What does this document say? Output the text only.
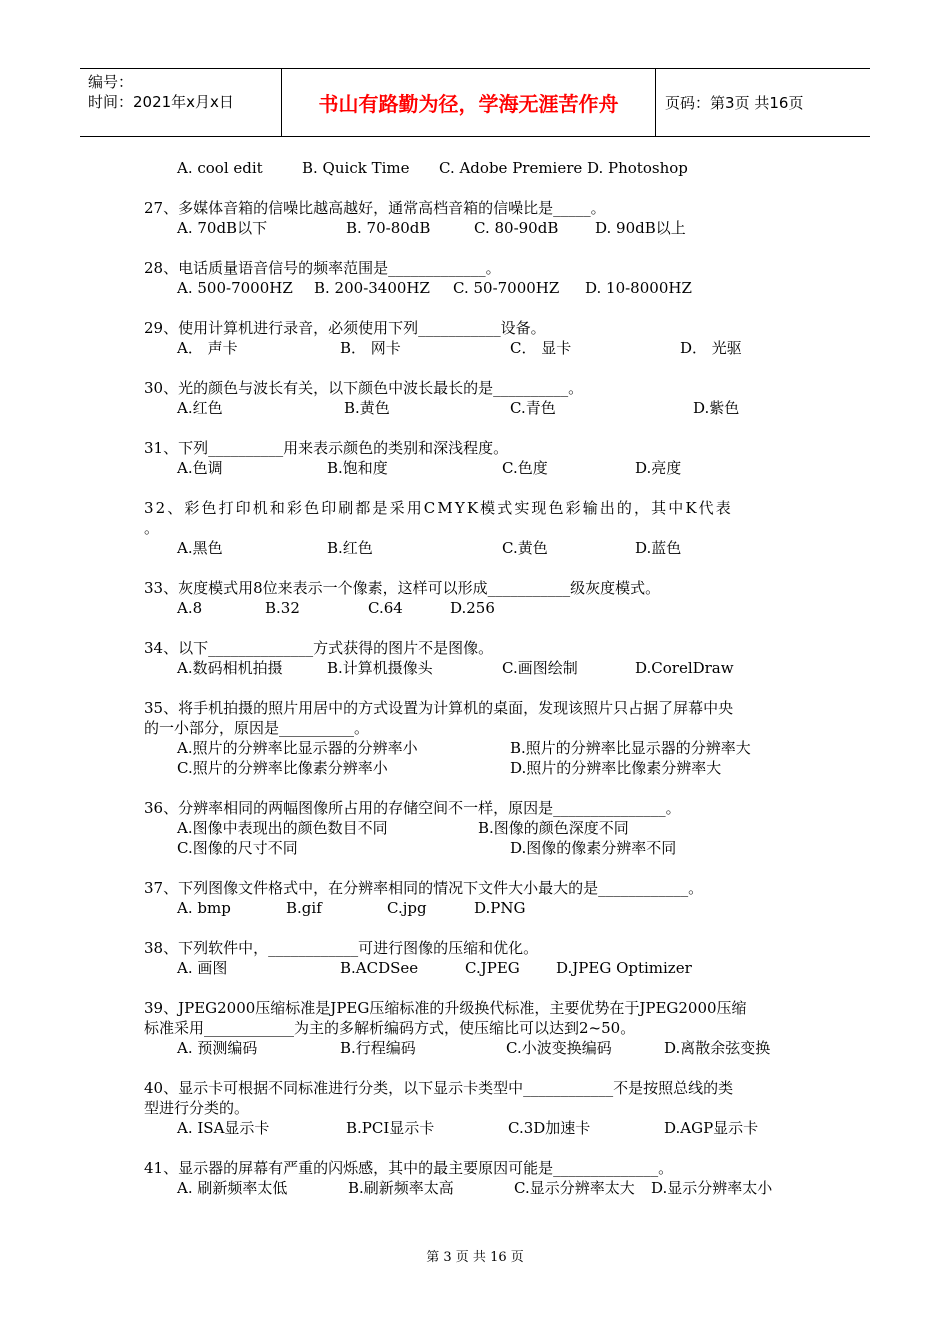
编号：
时间：2021年x月x日	书山有路勤为径，学海无涯苦作舟	页码：第3页 共16页
A. cool edit	B. Quick Time C. Adobe Premiere D. Photoshop
27、多媒体音箱的信噪比越高越好，通常高档音箱的信噪比是_____。
A. 70dB以下	B. 70-80dB	C. 80-90dB D. 90dB以上
28、电话质量语音信号的频率范围是_____________。
A. 500-7000HZ B. 200-3400HZ C. 50-7000HZ D. 10-8000HZ
29、使用计算机进行录音，必须使用下列___________设备。
A． 声卡	B． 网卡	C． 显卡	D． 光驱
30、光的颜色与波长有关，以下颜色中波长最长的是__________。
A.红色	B.黄色	C.青色	D.紫色
31、下列__________用来表示颜色的类别和深浅程度。
A.色调	B.饱和度	C.色度	D.亮度
32、彩色打印机和彩色印刷都是采用CMYK模式实现色彩输出的，其中K代表
。
A.黑色	B.红色	C.黄色	D.蓝色
33、灰度模式用8位来表示一个像素，这样可以形成___________级灰度模式。
A.8	B.32	C.64	D.256
34、以下______________方式获得的图片不是图像。
A.数码相机拍摄	B.计算机摄像头	C.画图绘制	D.CorelDraw
35、将手机拍摄的照片用居中的方式设置为计算机的桌面，发现该照片只占据了屏幕中央
的一小部分，原因是__________。
A.照片的分辨率比显示器的分辨率小	B.照片的分辨率比显示器的分辨率大
C.照片的分辨率比像素分辨率小	D.照片的分辨率比像素分辨率大
36、分辨率相同的两幅图像所占用的存储空间不一样，原因是_______________。
A.图像中表现出的颜色数目不同	B.图像的颜色深度不同
C.图像的尺寸不同	D.图像的像素分辨率不同
37、下列图像文件格式中，在分辨率相同的情况下文件大小最大的是____________。
A. bmp	B.gif	C.jpg	D.PNG
38、下列软件中，____________可进行图像的压缩和优化。
A. 画图	B.ACDSee	C.JPEG D.JPEG Optimizer
39、JPEG2000压缩标准是JPEG压缩标准的升级换代标准，主要优势在于JPEG2000压缩
标准采用____________为主的多解析编码方式，使压缩比可以达到2~50。
A. 预测编码	B.行程编码	C.小波变换编码	D.离散余弦变换
40、显示卡可根据不同标准进行分类，以下显示卡类型中____________不是按照总线的类
型进行分类的。
A. ISA显示卡	B.PCI显示卡	C.3D加速卡	D.AGP显示卡
41、显示器的屏幕有严重的闪烁感，其中的最主要原因可能是______________。
A. 刷新频率太低	B.刷新频率太高	C.显示分辨率太大 D.显示分辨率太小
第 3 页 共 16 页
